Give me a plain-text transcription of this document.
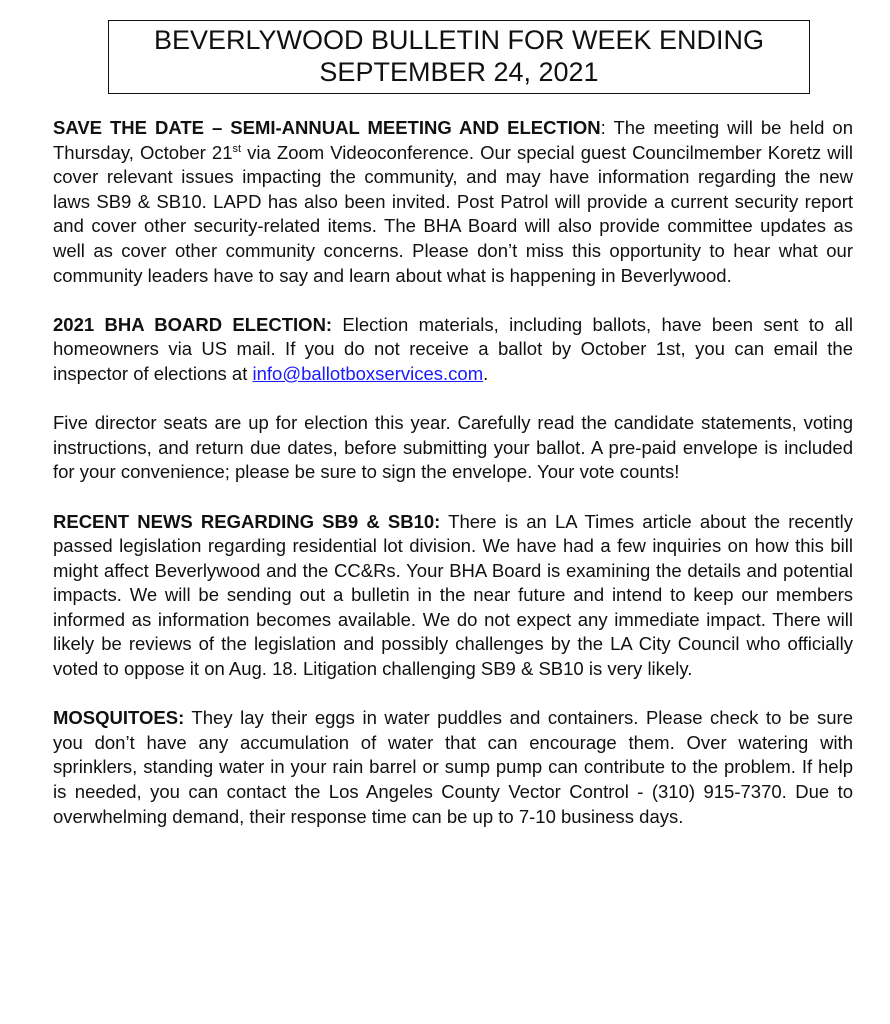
BEVERLYWOOD BULLETIN FOR WEEK ENDING
SEPTEMBER 24, 2021

SAVE THE DATE – SEMI-ANNUAL MEETING AND ELECTION: The meeting will be held on Thursday, October 21st via Zoom Videoconference. Our special guest Councilmember Koretz will cover relevant issues impacting the community, and may have information regarding the new laws SB9 & SB10. LAPD has also been invited. Post Patrol will provide a current security report and cover other security-related items. The BHA Board will also provide committee updates as well as cover other community concerns. Please don’t miss this opportunity to hear what our community leaders have to say and learn about what is happening in Beverlywood.

2021 BHA BOARD ELECTION: Election materials, including ballots, have been sent to all homeowners via US mail. If you do not receive a ballot by October 1st, you can email the inspector of elections at info@ballotboxservices.com.

Five director seats are up for election this year. Carefully read the candidate statements, voting instructions, and return due dates, before submitting your ballot. A pre-paid envelope is included for your convenience; please be sure to sign the envelope. Your vote counts!

RECENT NEWS REGARDING SB9 & SB10: There is an LA Times article about the recently passed legislation regarding residential lot division. We have had a few inquiries on how this bill might affect Beverlywood and the CC&Rs. Your BHA Board is examining the details and potential impacts. We will be sending out a bulletin in the near future and intend to keep our members informed as information becomes available. We do not expect any immediate impact. There will likely be reviews of the legislation and possibly challenges by the LA City Council who officially voted to oppose it on Aug. 18. Litigation challenging SB9 & SB10 is very likely.

MOSQUITOES: They lay their eggs in water puddles and containers. Please check to be sure you don’t have any accumulation of water that can encourage them. Over watering with sprinklers, standing water in your rain barrel or sump pump can contribute to the problem. If help is needed, you can contact the Los Angeles County Vector Control - (310) 915-7370. Due to overwhelming demand, their response time can be up to 7-10 business days.
